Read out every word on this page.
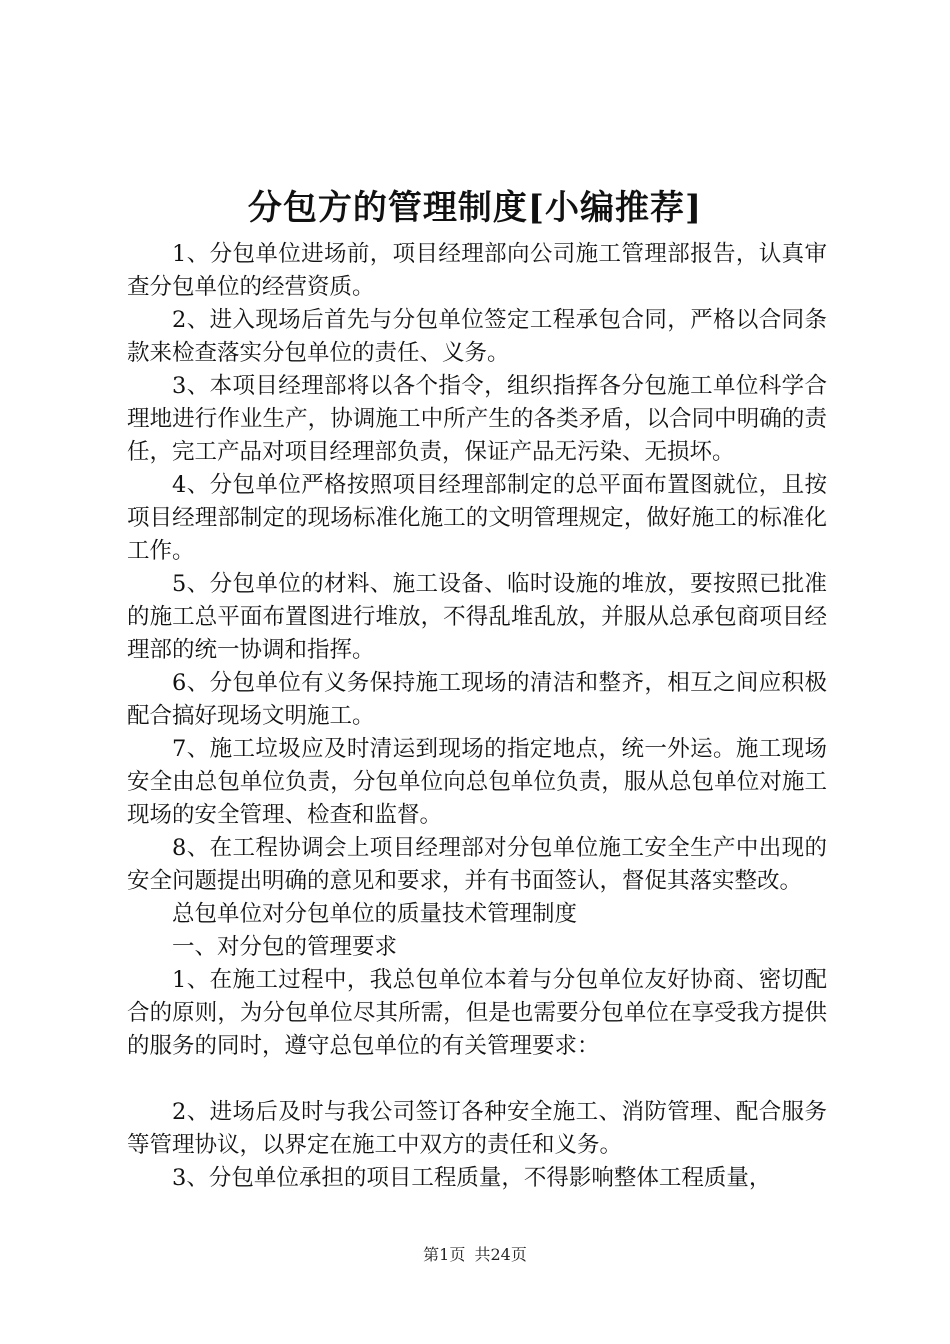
分包方的管理制度[小编推荐]

1、分包单位进场前，项目经理部向公司施工管理部报告，认真审查分包单位的经营资质。

2、进入现场后首先与分包单位签定工程承包合同，严格以合同条款来检查落实分包单位的责任、义务。

3、本项目经理部将以各个指令，组织指挥各分包施工单位科学合理地进行作业生产，协调施工中所产生的各类矛盾，以合同中明确的责任，完工产品对项目经理部负责，保证产品无污染、无损坏。

4、分包单位严格按照项目经理部制定的总平面布置图就位，且按项目经理部制定的现场标准化施工的文明管理规定，做好施工的标准化工作。

5、分包单位的材料、施工设备、临时设施的堆放，要按照已批准的施工总平面布置图进行堆放，不得乱堆乱放，并服从总承包商项目经理部的统一协调和指挥。

6、分包单位有义务保持施工现场的清洁和整齐，相互之间应积极配合搞好现场文明施工。

7、施工垃圾应及时清运到现场的指定地点，统一外运。施工现场安全由总包单位负责，分包单位向总包单位负责，服从总包单位对施工现场的安全管理、检查和监督。

8、在工程协调会上项目经理部对分包单位施工安全生产中出现的安全问题提出明确的意见和要求，并有书面签认，督促其落实整改。

总包单位对分包单位的质量技术管理制度

一、对分包的管理要求

1、在施工过程中，我总包单位本着与分包单位友好协商、密切配合的原则，为分包单位尽其所需，但是也需要分包单位在享受我方提供的服务的同时，遵守总包单位的有关管理要求：

2、进场后及时与我公司签订各种安全施工、消防管理、配合服务等管理协议，以界定在施工中双方的责任和义务。

3、分包单位承担的项目工程质量，不得影响整体工程质量，

第1页 共24页
